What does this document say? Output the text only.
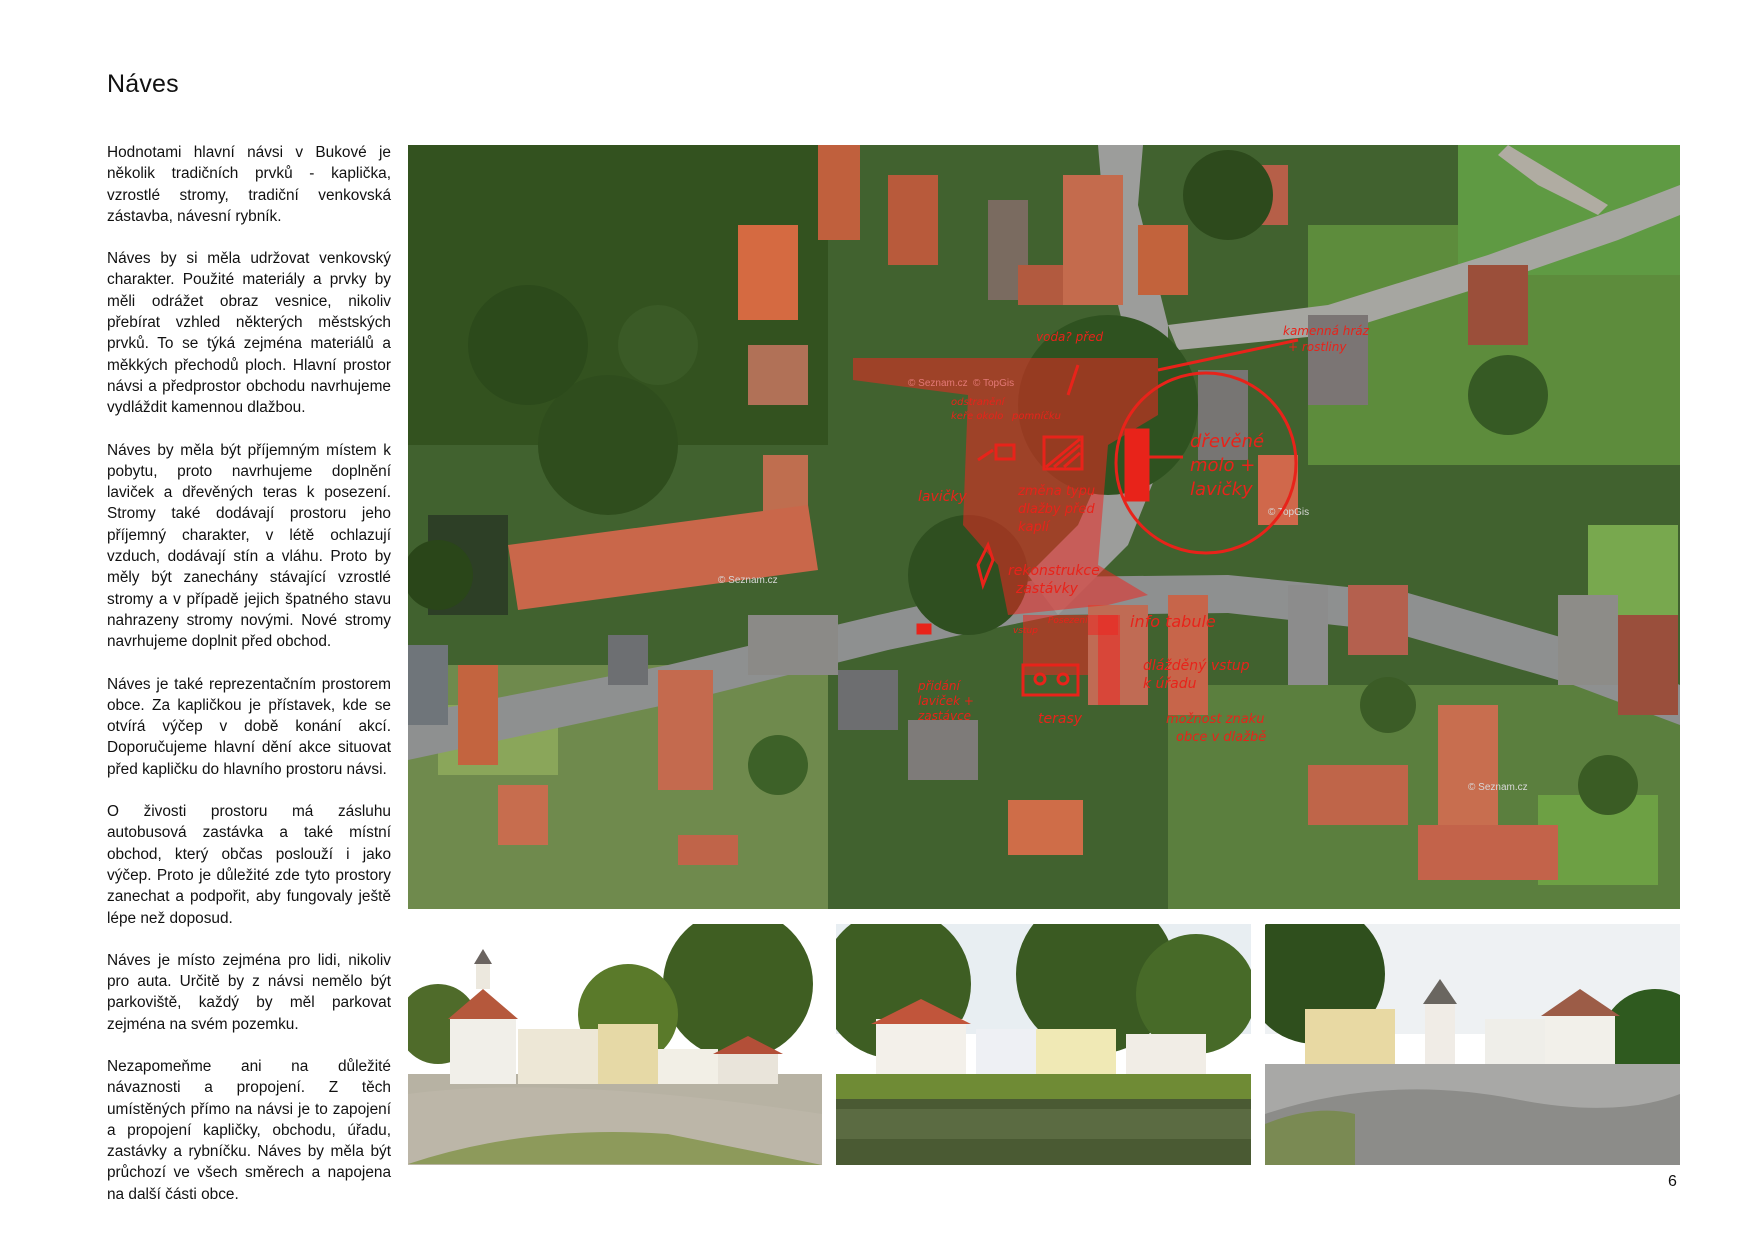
Náves

Hodnotami hlavní návsi v Bukové je několik tradičních prvků - kaplička, vzrostlé stromy, tradiční venkovská zástavba, návesní rybník.

Náves by si měla udržovat venkovský charakter. Použité materiály a prvky by měli odrážet obraz vesnice, nikoliv přebírat vzhled některých městských prvků. To se týká zejména materiálů a měkkých přechodů ploch. Hlavní prostor návsi a předprostor obchodu navrhujeme vydláždit kamennou dlažbou.

Náves by měla být příjemným místem k pobytu, proto navrhujeme doplnění laviček a dřevěných teras k posezení. Stromy také dodávají prostoru jeho příjemný charakter, v létě ochlazují vzduch, dodávají stín a vláhu. Proto by měly být zanechány stávající vzrostlé stromy a v případě jejich špatného stavu nahrazeny stromy novými. Nové stromy navrhujeme doplnit před obchod.

Náves je také reprezentačním prostorem obce. Za kapličkou je přístavek, kde se otvírá výčep v době konání akcí. Doporučujeme hlavní dění akce situovat před kapličku do hlavního prostoru návsi.

O živosti prostoru má zásluhu autobusová zastávka a také místní obchod, který občas poslouží i jako výčep. Proto je důležité zde tyto prostory zanechat a podpořit, aby fungovaly ještě lépe než doposud.

Náves je místo zejména pro lidi, nikoliv pro auta. Určitě by z návsi nemělo být parkoviště, každý by měl parkovat zejména na svém pozemku.

Nezapomeňme ani na důležité návaznosti a propojení. Z těch umístěných přímo na návsi je to zapojení a propojení kapličky, obchodu, úřadu, zastávky a rybníčku. Náves by měla být průchozí ve všech směrech a napojena na další části obce.

© TopGis
© Seznam.cz
© Seznam.cz
voda? před
odstranění
keře okolo pomníčku
kamenná hráz
+ rostliny
dřevěné
molo +
lavičky
lavičky	změna typu
dlažby před
kaplí
rekonstrukce
zastávky
vstup
Posezení	info tabule
přidání
laviček +
zastávce	terasy
dlážděný vstup
k úřadu
možnost znaku
obce v dlažbě
6
